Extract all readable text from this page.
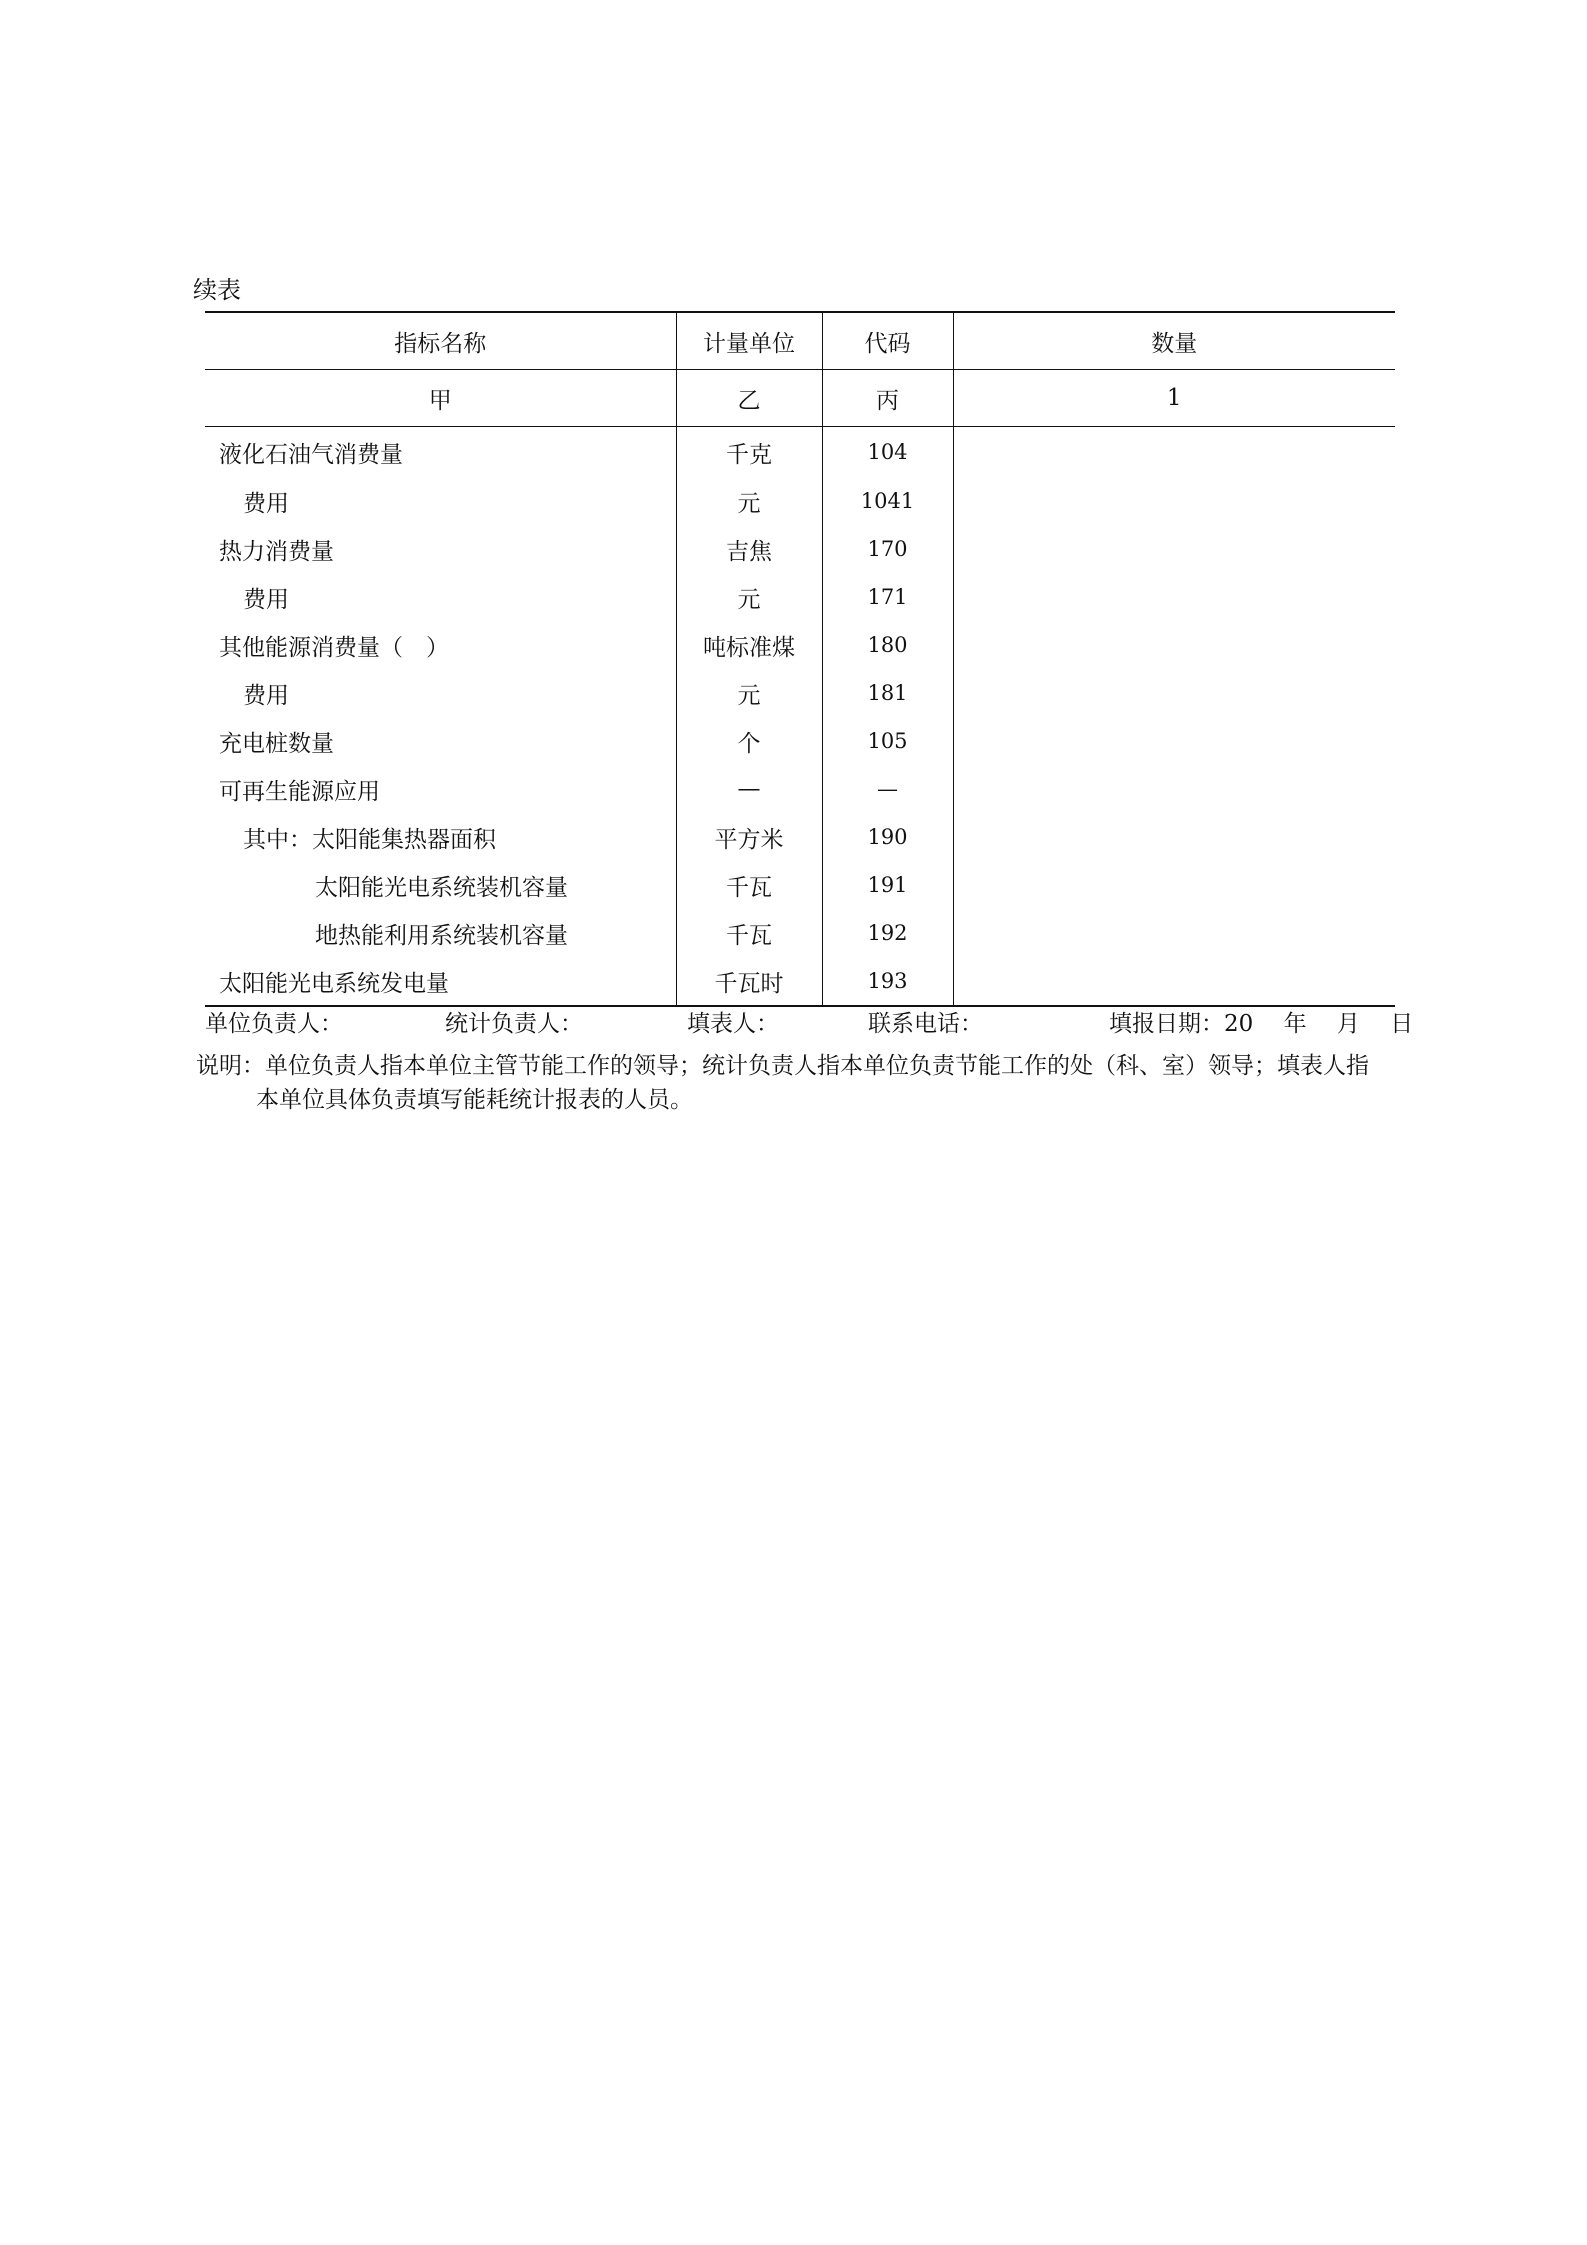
续表
指标名称	计量单位	代码	数量
甲	乙	丙	1
液化石油气消费量	千克	104	
费用	元	1041	
热力消费量	吉焦	170	
费用	元	171	
其他能源消费量（　）	吨标准煤	180	
费用	元	181	
充电桩数量	个	105	
可再生能源应用	—	—	
其中：太阳能集热器面积	平方米	190	
太阳能光电系统装机容量	千瓦	191	
地热能利用系统装机容量	千瓦	192	
太阳能光电系统发电量	千瓦时	193	
单位负责人：	统计负责人：	填表人：	联系电话：	填报日期：20　 年　 月　 日
说明：单位负责人指本单位主管节能工作的领导；统计负责人指本单位负责节能工作的处（科、室）领导；填表人指
本单位具体负责填写能耗统计报表的人员。
